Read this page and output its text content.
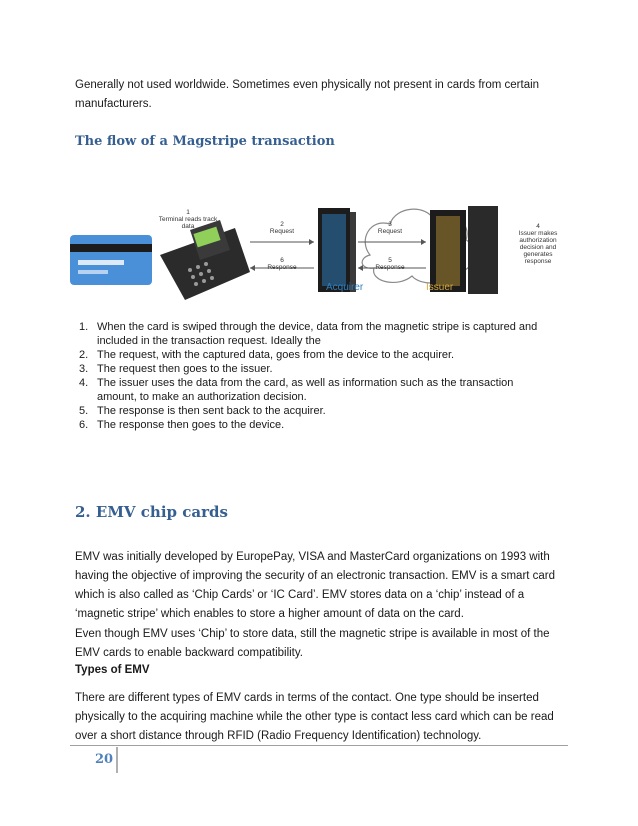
Generally not used worldwide. Sometimes even physically not present in cards from certain manufacturers.

The flow of a Magstripe transaction
1 Terminal reads track data	2 Request
6 Response
3 Request
5 Response
4 Issuer makes authorization decision and generates response
Acquirer	Issuer
1. When the card is swiped through the device, data from the magnetic stripe is captured and included in the transaction request. Ideally the
2. The request, with the captured data, goes from the device to the acquirer.
3. The request then goes to the issuer.
4. The issuer uses the data from the card, as well as information such as the transaction amount, to make an authorization decision.
5. The response is then sent back to the acquirer.
6. The response then goes to the device.
2. EMV chip cards

EMV was initially developed by EuropePay, VISA and MasterCard organizations on 1993 with having the objective of improving the security of an electronic transaction. EMV is a smart card which is also called as ‘Chip Cards’ or ‘IC Card’. EMV stores data on a ‘chip’ instead of a ‘magnetic stripe’ which enables to store a higher amount of data on the card.

Even though EMV uses ‘Chip’ to store data, still the magnetic stripe is available in most of the EMV cards to enable backward compatibility.

Types of EMV

There are different types of EMV cards in terms of the contact. One type should be inserted physically to the acquiring machine while the other type is contact less card which can be read over a short distance through RFID (Radio Frequency Identification) technology.

20
